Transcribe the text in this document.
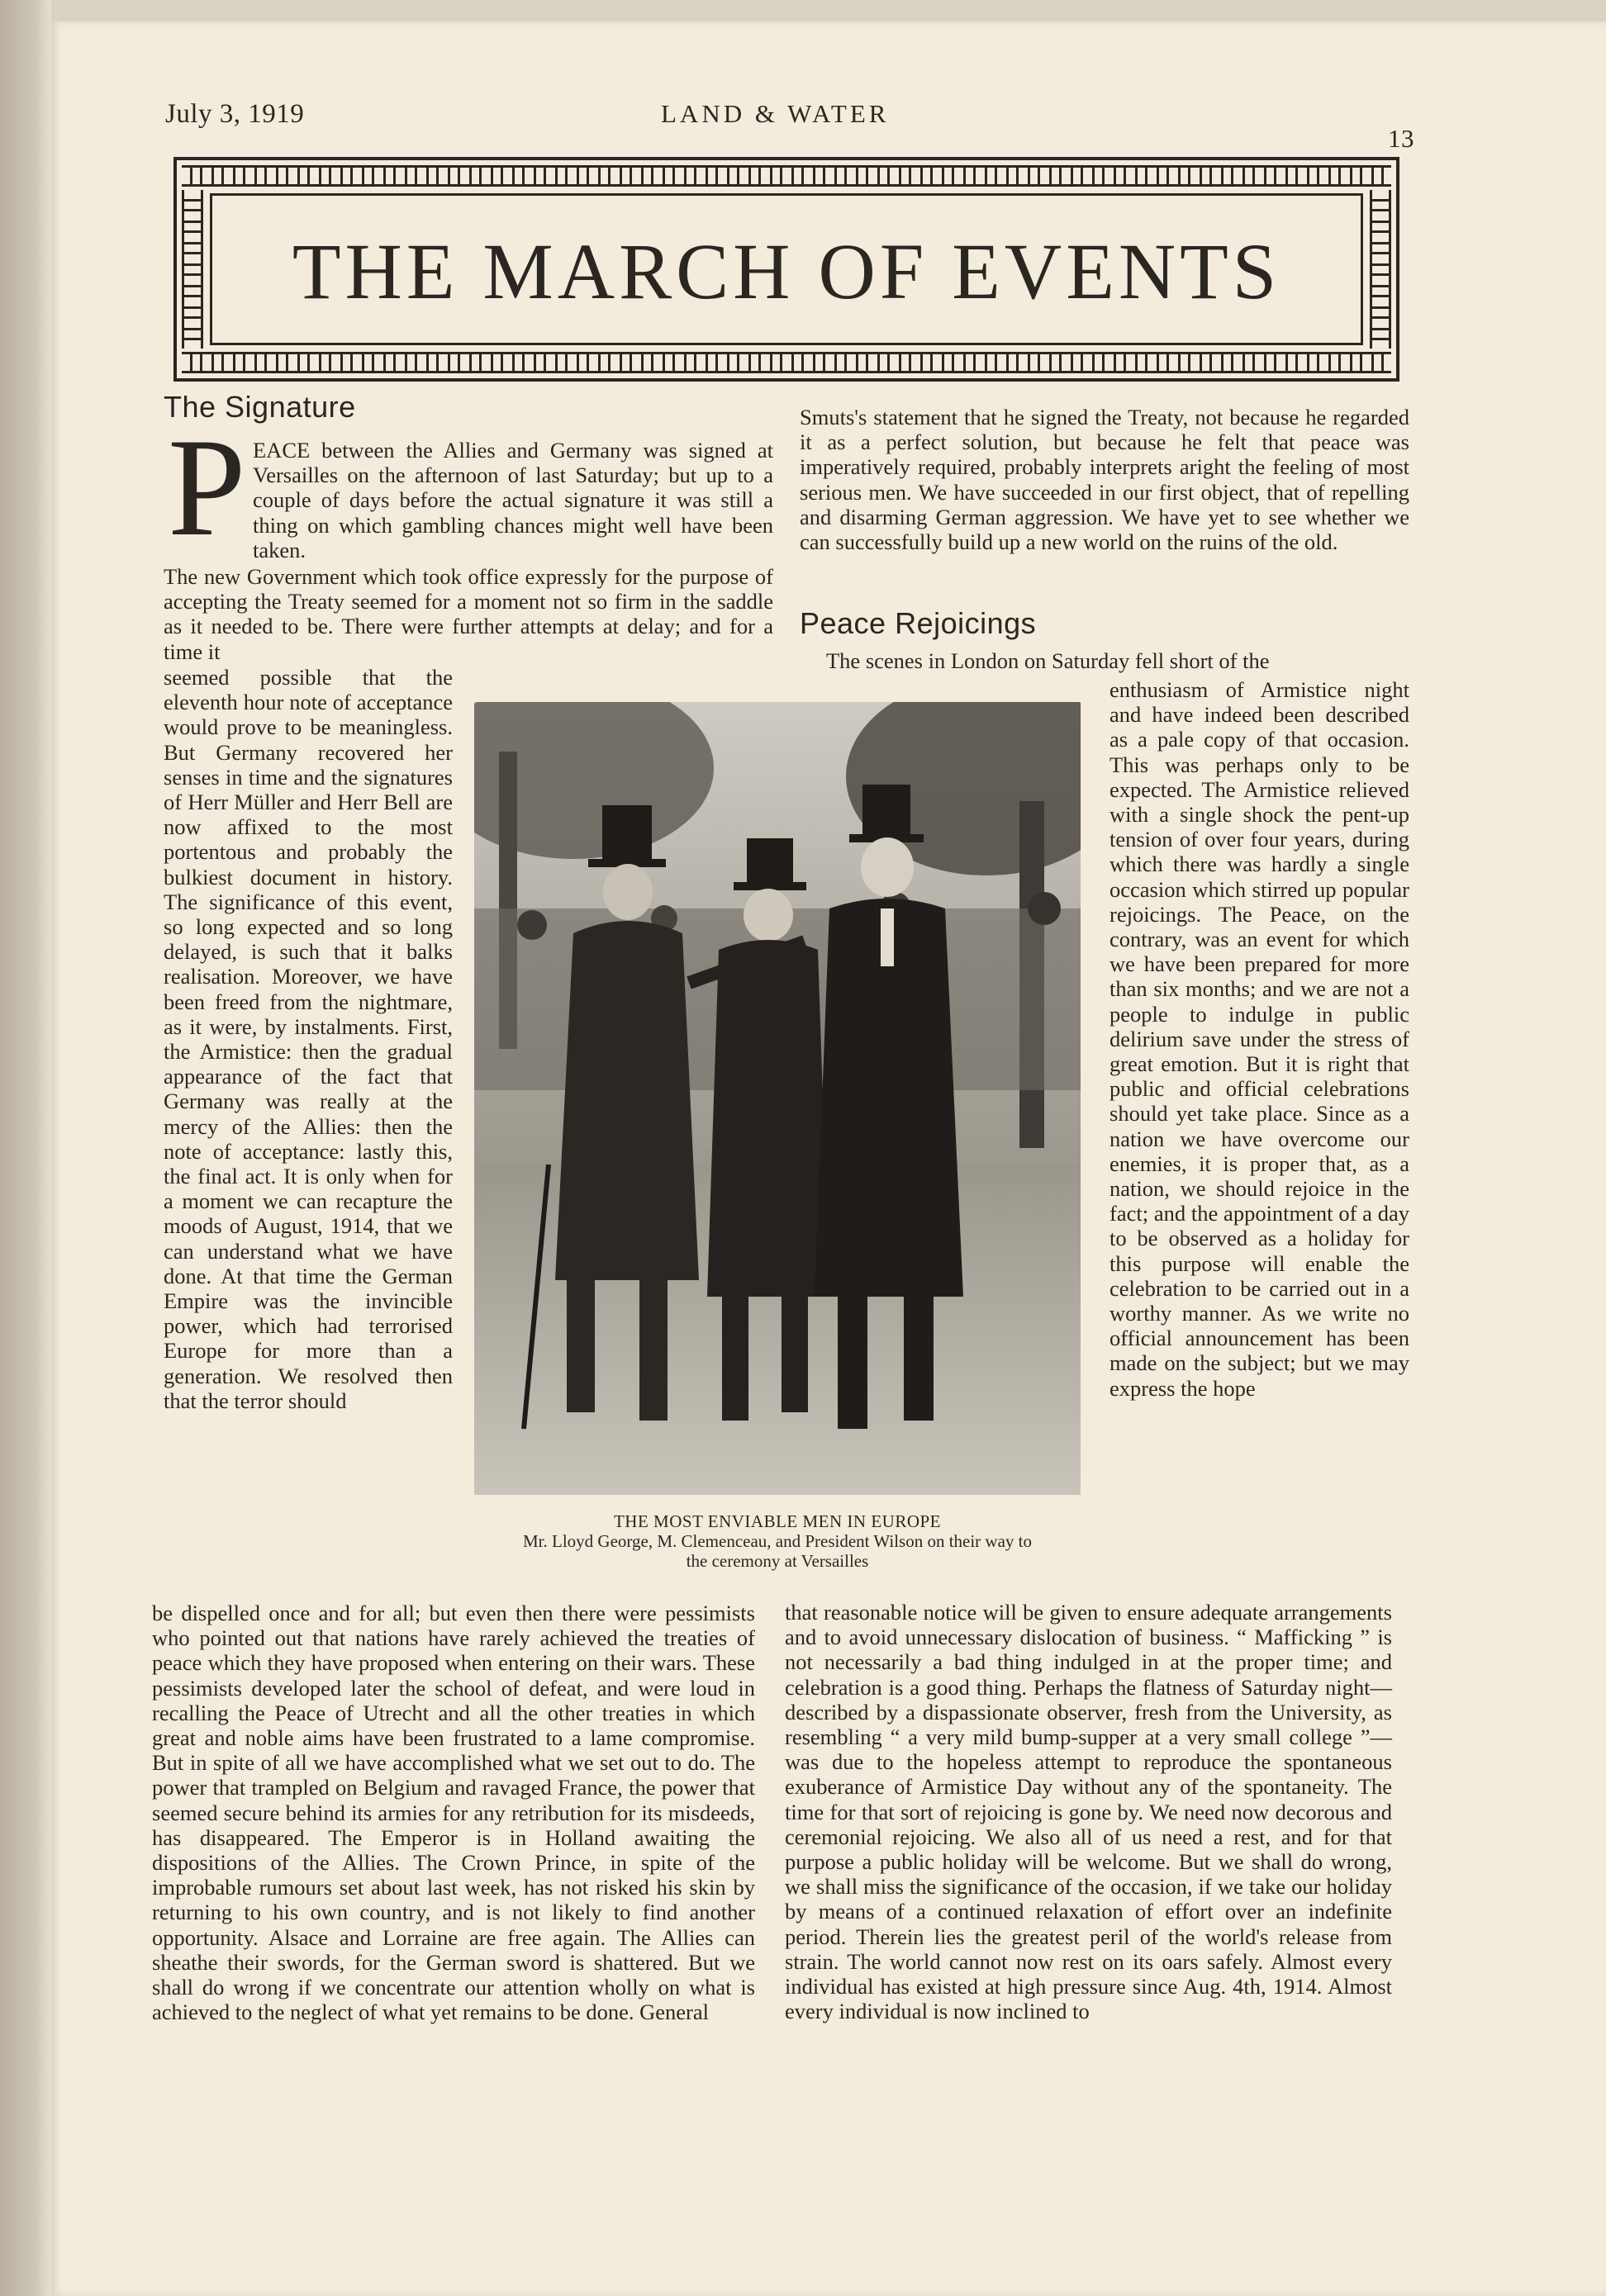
July 3, 1919	LAND & WATER
13
THE MARCH OF EVENTS
The Signature
P EACE between the Allies and Germany was signed at Versailles on the afternoon of last Saturday; but up to a couple of days before the actual signature it was still a thing on which gambling chances might well have been taken.

The new Government which took office expressly for the purpose of accepting the Treaty seemed for a moment not so firm in the saddle as it needed to be. There were further attempts at delay; and for a time it

seemed possible that the eleventh hour note of acceptance would prove to be meaningless. But Germany recovered her senses in time and the signatures of Herr Müller and Herr Bell are now affixed to the most portentous and probably the bulkiest document in history. The significance of this event, so long expected and so long delayed, is such that it balks realisation. Moreover, we have been freed from the nightmare, as it were, by instalments. First, the Armistice: then the gradual appearance of the fact that Germany was really at the mercy of the Allies: then the note of acceptance: lastly this, the final act. It is only when for a moment we can recapture the moods of August, 1914, that we can understand what we have done. At that time the German Empire was the invincible power, which had terrorised Europe for more than a generation. We resolved then that the terror should

be dispelled once and for all; but even then there were pessimists who pointed out that nations have rarely achieved the treaties of peace which they have proposed when entering on their wars. These pessimists developed later the school of defeat, and were loud in recalling the Peace of Utrecht and all the other treaties in which great and noble aims have been frustrated to a lame compromise. But in spite of all we have accomplished what we set out to do. The power that trampled on Belgium and ravaged France, the power that seemed secure behind its armies for any retribution for its misdeeds, has disappeared. The Emperor is in Holland awaiting the dispositions of the Allies. The Crown Prince, in spite of the improbable rumours set about last week, has not risked his skin by returning to his own country, and is not likely to find another opportunity. Alsace and Lorraine are free again. The Allies can sheathe their swords, for the German sword is shattered. But we shall do wrong if we concentrate our attention wholly on what is achieved to the neglect of what yet remains to be done. General

Smuts's statement that he signed the Treaty, not because he regarded it as a perfect solution, but because he felt that peace was imperatively required, probably interprets aright the feeling of most serious men. We have succeeded in our first object, that of repelling and disarming German aggression. We have yet to see whether we can successfully build up a new world on the ruins of the old.

Peace Rejoicings

The scenes in London on Saturday fell short of the

enthusiasm of Armistice night and have indeed been described as a pale copy of that occasion. This was perhaps only to be expected. The Armistice relieved with a single shock the pent-up tension of over four years, during which there was hardly a single occasion which stirred up popular rejoicings. The Peace, on the contrary, was an event for which we have been prepared for more than six months; and we are not a people to indulge in public delirium save under the stress of great emotion. But it is right that public and official celebrations should yet take place. Since as a nation we have overcome our enemies, it is proper that, as a nation, we should rejoice in the fact; and the appointment of a day to be observed as a holiday for this purpose will enable the celebration to be carried out in a worthy manner. As we write no official announcement has been made on the subject; but we may express the hope

that reasonable notice will be given to ensure adequate arrangements and to avoid unnecessary dislocation of business. “ Mafficking ” is not necessarily a bad thing indulged in at the proper time; and celebration is a good thing. Perhaps the flatness of Saturday night—described by a dispassionate observer, fresh from the University, as resembling “ a very mild bump-supper at a very small college ”—was due to the hopeless attempt to reproduce the spontaneous exuberance of Armistice Day without any of the spontaneity. The time for that sort of rejoicing is gone by. We need now decorous and ceremonial rejoicing. We also all of us need a rest, and for that purpose a public holiday will be welcome. But we shall do wrong, we shall miss the significance of the occasion, if we take our holiday by means of a continued relaxation of effort over an indefinite period. Therein lies the greatest peril of the world's release from strain. The world cannot now rest on its oars safely. Almost every individual has existed at high pressure since Aug. 4th, 1914. Almost every individual is now inclined to

THE MOST ENVIABLE MEN IN EUROPE
Mr. Lloyd George, M. Clemenceau, and President Wilson on their way to
the ceremony at Versailles
